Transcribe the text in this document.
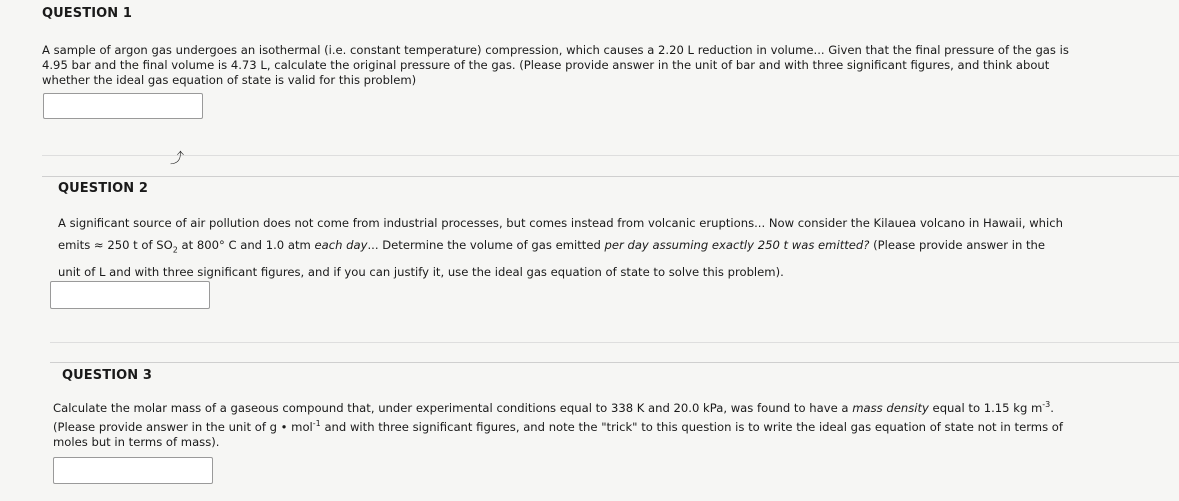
QUESTION 1
A sample of argon gas undergoes an isothermal (i.e. constant temperature) compression, which causes a 2.20 L reduction in volume... Given that the final pressure of the gas is 4.95 bar and the final volume is 4.73 L, calculate the original pressure of the gas. (Please provide answer in the unit of bar and with three significant figures, and think about whether the ideal gas equation of state is valid for this problem)
⤴
QUESTION 2
A significant source of air pollution does not come from industrial processes, but comes instead from volcanic eruptions... Now consider the Kilauea volcano in Hawaii, which emits ≈ 250 t of $SO_2$ at 800° C and 1.0 atm each day... Determine the volume of gas emitted per day assuming exactly 250 t was emitted? (Please provide answer in the unit of L and with three significant figures, and if you can justify it, use the ideal gas equation of state to solve this problem).
QUESTION 3
Calculate the molar mass of a gaseous compound that, under experimental conditions equal to 338 K and 20.0 kPa, was found to have a mass density equal to 1.15 kg $m^{-3}$. (Please provide answer in the unit of g • mol$^{-1}$ and with three significant figures, and note the "trick" to this question is to write the ideal gas equation of state not in terms of moles but in terms of mass).
